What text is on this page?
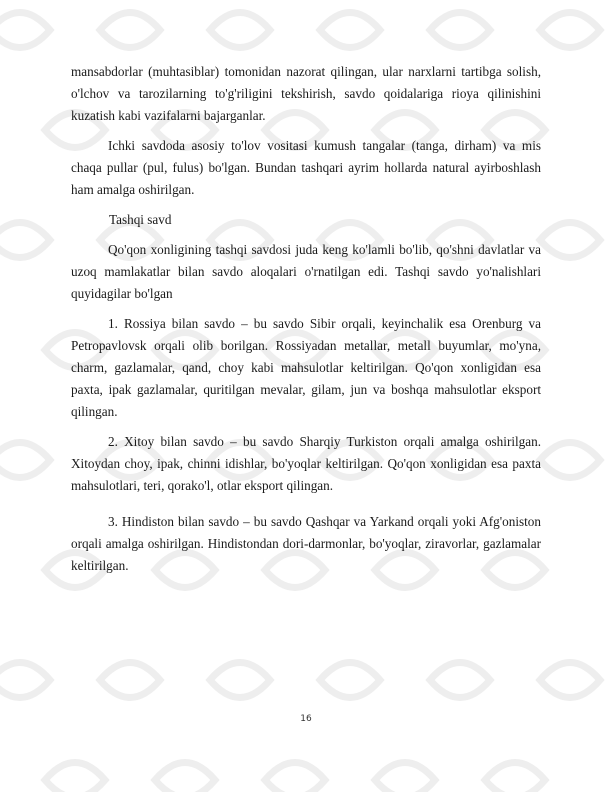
mansabdorlar (muhtasiblar) tomonidan nazorat qilingan, ular narxlarni tartibga solish, o'lchov va tarozilarning to'g'riligini tekshirish, savdo qoidalariga rioya qilinishini kuzatish kabi vazifalarni bajarganlar.

Ichki savdoda asosiy to'lov vositasi kumush tangalar (tanga, dirham) va mis chaqa pullar (pul, fulus) bo'lgan. Bundan tashqari ayrim hollarda natural ayirboshlash ham amalga oshirilgan.

Tashqi savd

Qo'qon xonligining tashqi savdosi juda keng ko'lamli bo'lib, qo'shni davlatlar va uzoq mamlakatlar bilan savdo aloqalari o'rnatilgan edi. Tashqi savdo yo'nalishlari quyidagilar bo'lgan

1. Rossiya bilan savdo – bu savdo Sibir orqali, keyinchalik esa Orenburg va Petropavlovsk orqali olib borilgan. Rossiyadan metallar, metall buyumlar, mo'yna, charm, gazlamalar, qand, choy kabi mahsulotlar keltirilgan. Qo'qon xonligidan esa paxta, ipak gazlamalar, quritilgan mevalar, gilam, jun va boshqa mahsulotlar eksport qilingan.

2. Xitoy bilan savdo – bu savdo Sharqiy Turkiston orqali amalga oshirilgan. Xitoydan choy, ipak, chinni idishlar, bo'yoqlar keltirilgan. Qo'qon xonligidan esa paxta mahsulotlari, teri, qorako'l, otlar eksport qilingan.

3. Hindiston bilan savdo – bu savdo Qashqar va Yarkand orqali yoki Afg'oniston orqali amalga oshirilgan. Hindistondan dori-darmonlar, bo'yoqlar, ziravorlar, gazlamalar keltirilgan.

16
